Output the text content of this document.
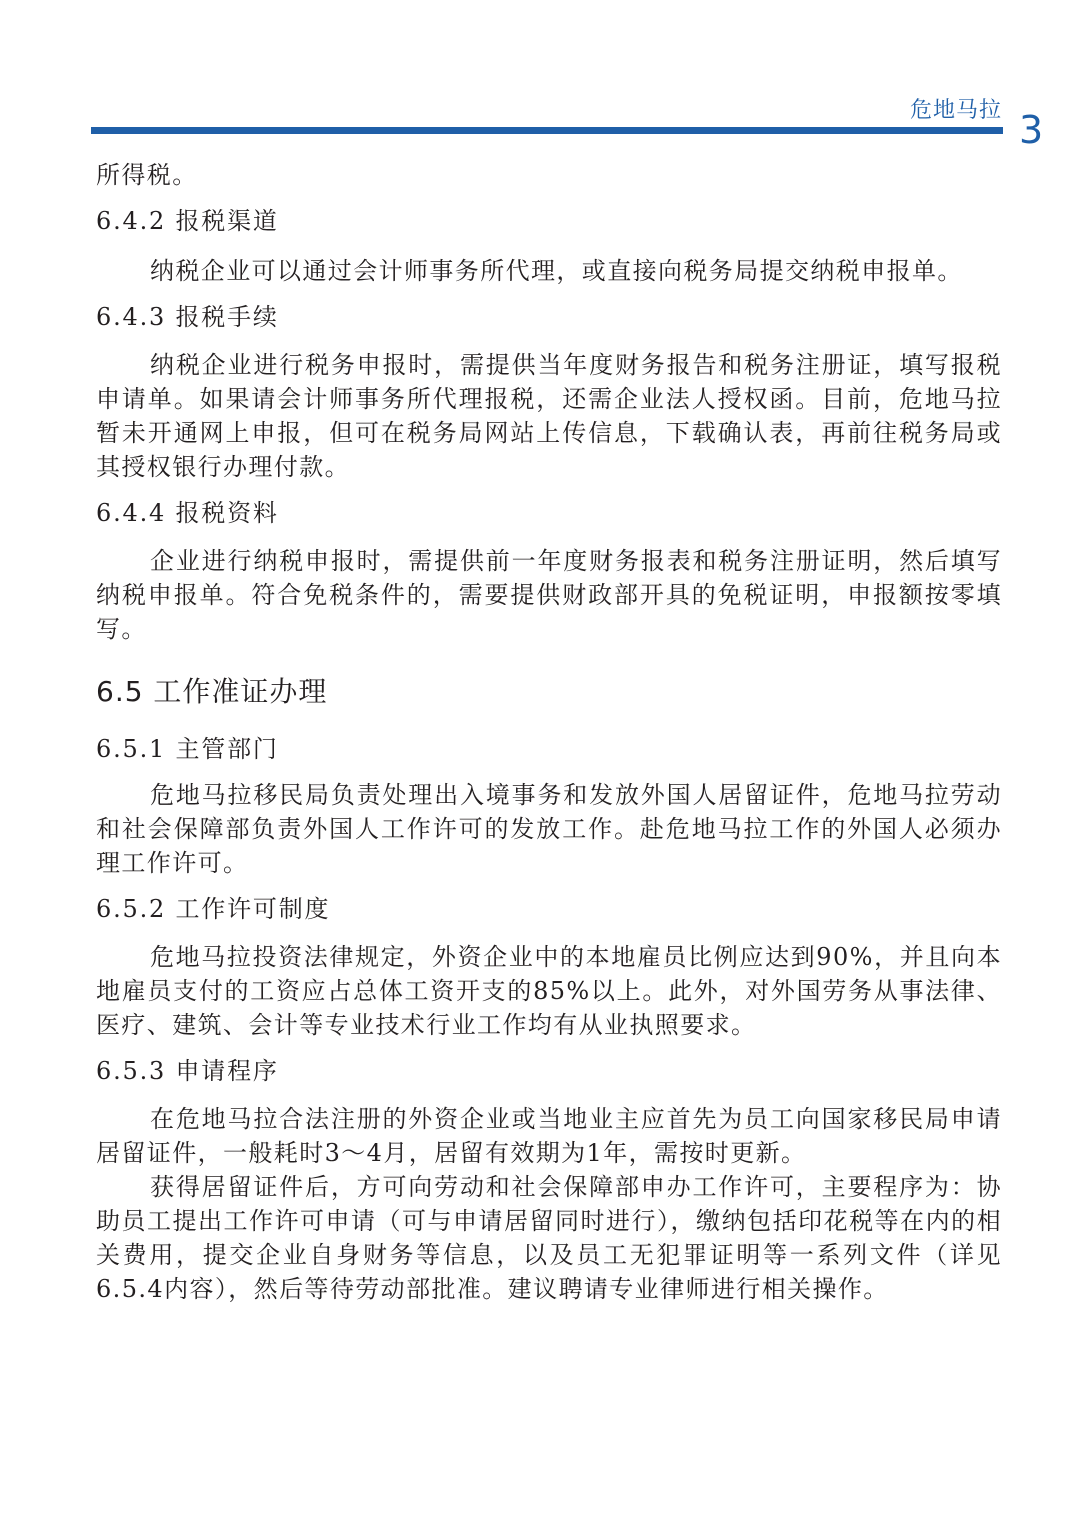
危地马拉 3

所得税。

6.4.2 报税渠道

纳税企业可以通过会计师事务所代理，或直接向税务局提交纳税申报单。

6.4.3 报税手续

纳税企业进行税务申报时，需提供当年度财务报告和税务注册证，填写报税申请单。如果请会计师事务所代理报税，还需企业法人授权函。目前，危地马拉暂未开通网上申报，但可在税务局网站上传信息，下载确认表，再前往税务局或其授权银行办理付款。

6.4.4 报税资料

企业进行纳税申报时，需提供前一年度财务报表和税务注册证明，然后填写纳税申报单。符合免税条件的，需要提供财政部开具的免税证明，申报额按零填写。

6.5 工作准证办理

6.5.1 主管部门

危地马拉移民局负责处理出入境事务和发放外国人居留证件，危地马拉劳动和社会保障部负责外国人工作许可的发放工作。赴危地马拉工作的外国人必须办理工作许可。

6.5.2 工作许可制度

危地马拉投资法律规定，外资企业中的本地雇员比例应达到90%，并且向本地雇员支付的工资应占总体工资开支的85%以上。此外，对外国劳务从事法律、医疗、建筑、会计等专业技术行业工作均有从业执照要求。

6.5.3 申请程序

在危地马拉合法注册的外资企业或当地业主应首先为员工向国家移民局申请居留证件，一般耗时3～4月，居留有效期为1年，需按时更新。

获得居留证件后，方可向劳动和社会保障部申办工作许可，主要程序为：协助员工提出工作许可申请（可与申请居留同时进行），缴纳包括印花税等在内的相关费用，提交企业自身财务等信息，以及员工无犯罪证明等一系列文件（详见6.5.4内容），然后等待劳动部批准。建议聘请专业律师进行相关操作。
